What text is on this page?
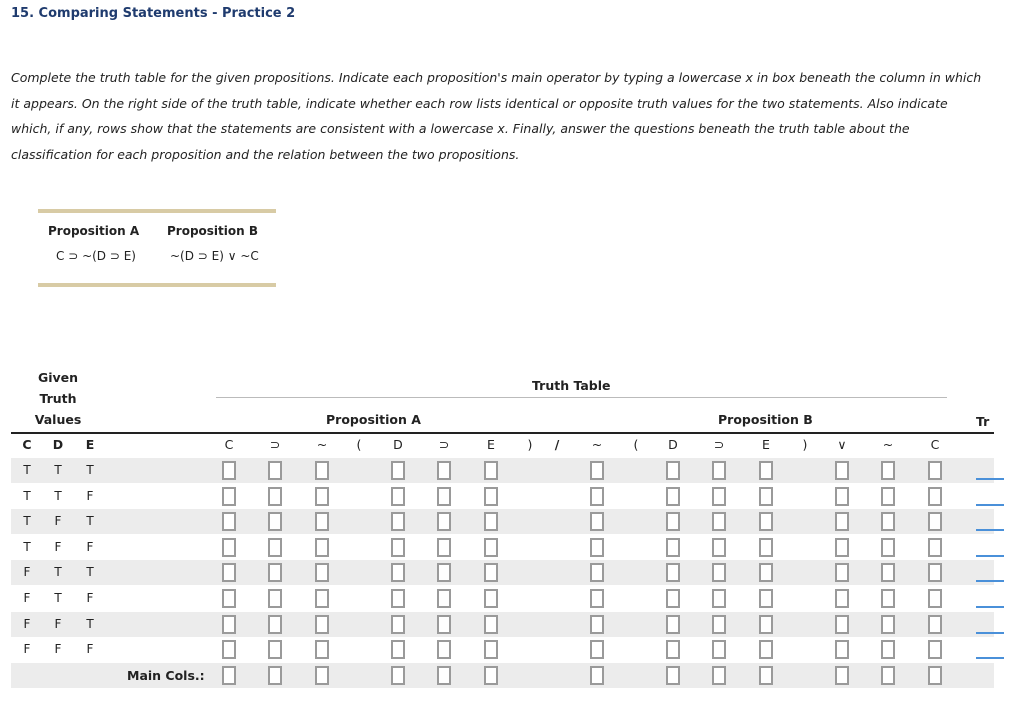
15. Comparing Statements - Practice 2

Complete the truth table for the given propositions. Indicate each proposition's main operator by typing a lowercase x in box beneath the column in which it appears. On the right side of the truth table, indicate whether each row lists identical or opposite truth values for the two statements. Also indicate which, if any, rows show that the statements are consistent with a lowercase x. Finally, answer the questions beneath the truth table about the classification for each proposition and the relation between the two propositions.

Proposition A
C ⊃ ~(D ⊃ E)
Proposition B
~(D ⊃ E) ∨ ~C
Given
Truth
Values
Truth Table
Proposition A	Proposition B	Tr
C D E	C	⊃	~	(	D	⊃	E	)	/	~	(	D	⊃	E	)	∨	~	C
T T T
T T F
T F T
T F F
F T T
F T F
F F T
F F F
Main Cols.:
